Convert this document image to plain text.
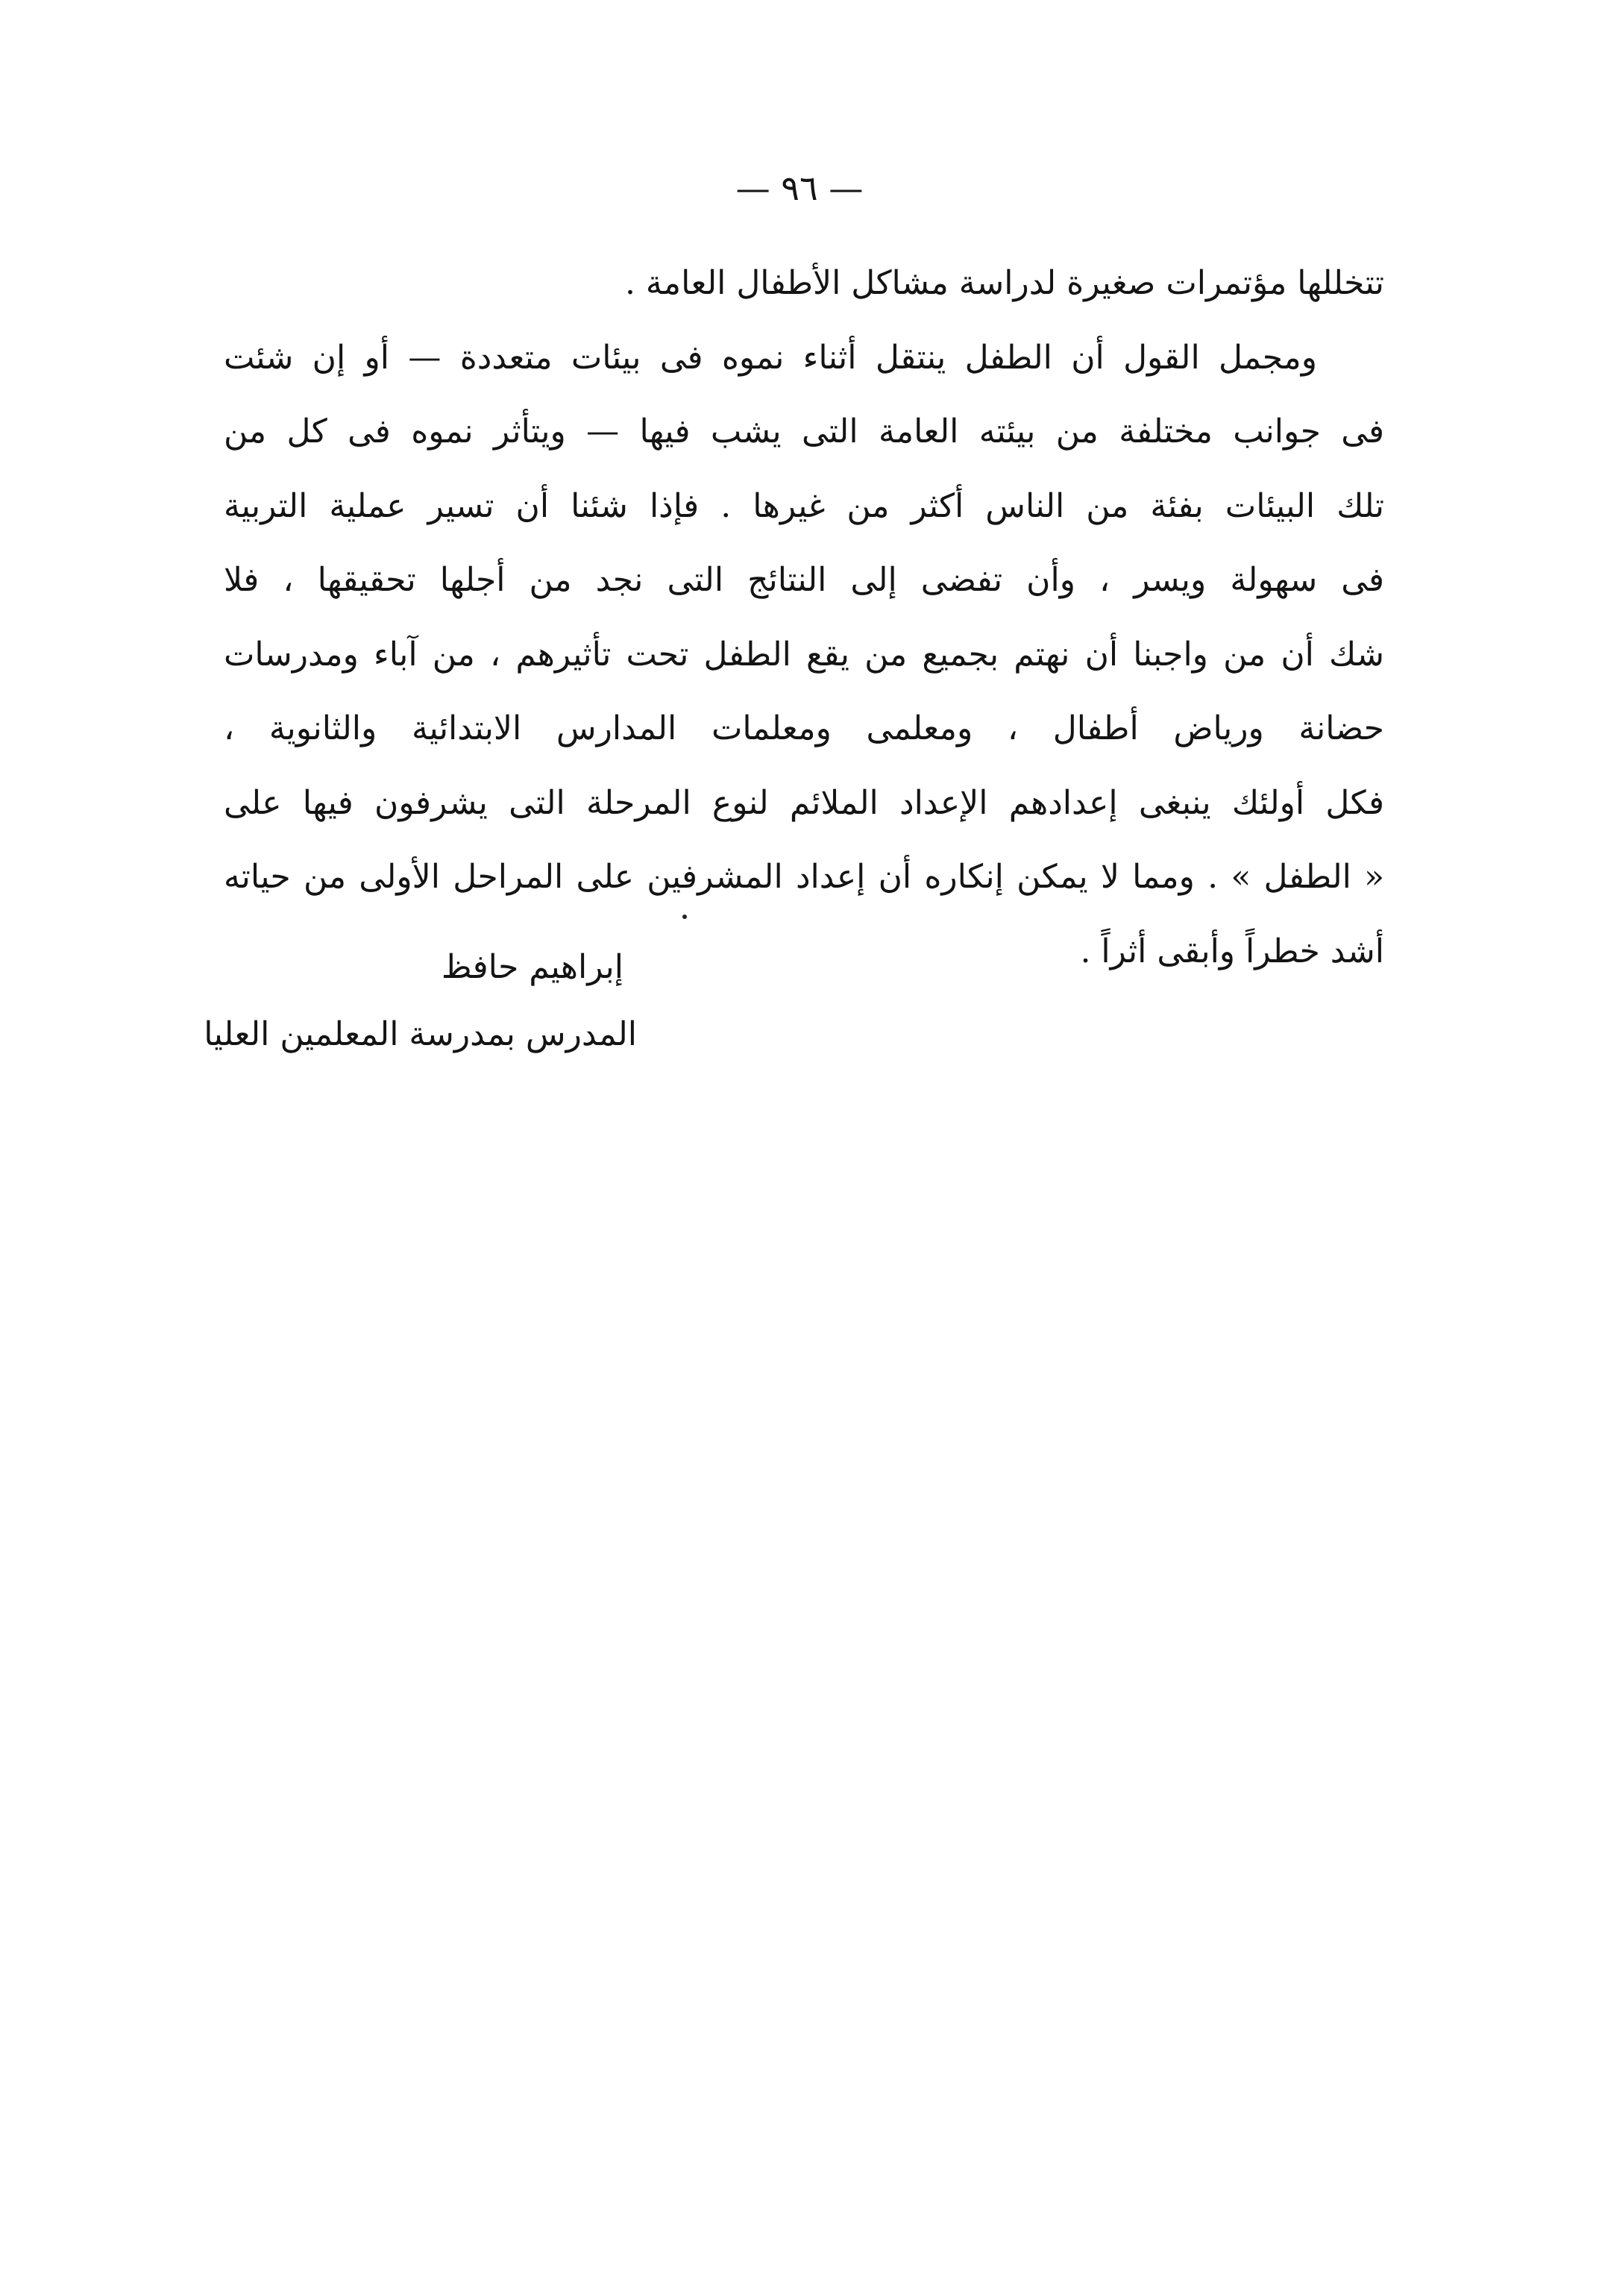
— ٩٦ —
تتخللها مؤتمرات صغيرة لدراسة مشاكل الأطفال العامة .
ومجمل القول أن الطفل ينتقل أثناء نموه فى بيئات متعددة — أو إن شئت
فى جوانب مختلفة من بيئته العامة التى يشب فيها — ويتأثر نموه فى كل من
تلك البيئات بفئة من الناس أكثر من غيرها . فإذا شئنا أن تسير عملية التربية
فى سهولة ويسر ، وأن تفضى إلى النتائج التى نجد من أجلها تحقيقها ، فلا
شك أن من واجبنا أن نهتم بجميع من يقع الطفل تحت تأثيرهم ، من آباء ومدرسات
حضانة ورياض أطفال ، ومعلمى ومعلمات المدارس الابتدائية والثانوية ،
فكل أولئك ينبغى إعدادهم الإعداد الملائم لنوع المرحلة التى يشرفون فيها على
« الطفل » . ومما لا يمكن إنكاره أن إعداد المشرفين على المراحل الأولى من حياته
أشد خطراً وأبقى أثراً .
إبراهيم حافظ
المدرس بمدرسة المعلمين العليا
